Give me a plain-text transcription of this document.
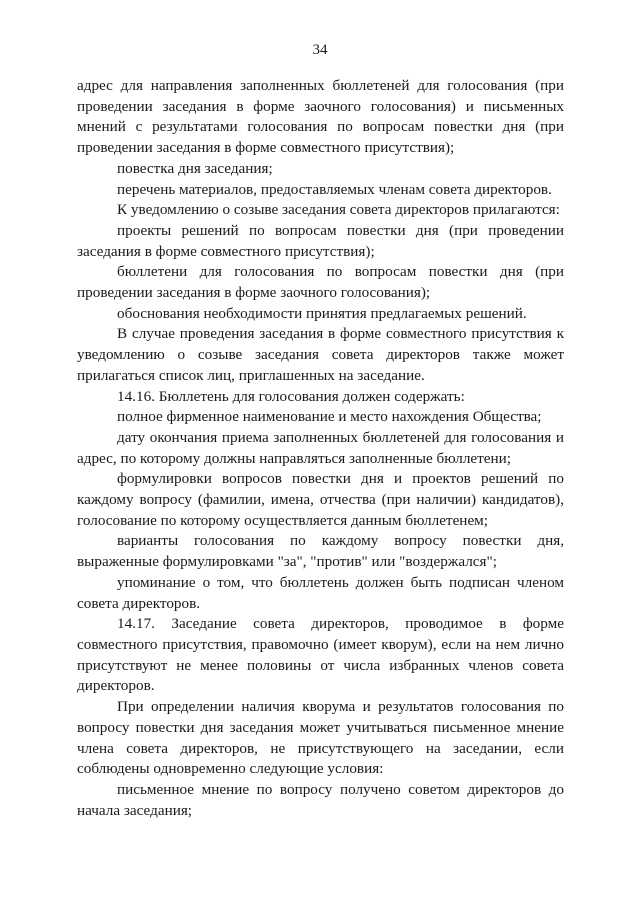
34

адрес для направления заполненных бюллетеней для голосования (при проведении заседания в форме заочного голосования) и письменных мнений с результатами голосования по вопросам повестки дня (при проведении заседания в форме совместного присутствия);

повестка дня заседания;

перечень материалов, предоставляемых членам совета директоров.

К уведомлению о созыве заседания совета директоров прилагаются:

проекты решений по вопросам повестки дня (при проведении заседания в форме совместного присутствия);

бюллетени для голосования по вопросам повестки дня (при проведении заседания в форме заочного голосования);

обоснования необходимости принятия предлагаемых решений.

В случае проведения заседания в форме совместного присутствия к уведомлению о созыве заседания совета директоров также может прилагаться список лиц, приглашенных на заседание.

14.16. Бюллетень для голосования должен содержать:

полное фирменное наименование и место нахождения Общества;

дату окончания приема заполненных бюллетеней для голосования и адрес, по которому должны направляться заполненные бюллетени;

формулировки вопросов повестки дня и проектов решений по каждому вопросу (фамилии, имена, отчества (при наличии) кандидатов), голосование по которому осуществляется данным бюллетенем;

варианты голосования по каждому вопросу повестки дня, выраженные формулировками "за", "против" или "воздержался";

упоминание о том, что бюллетень должен быть подписан членом совета директоров.

14.17. Заседание совета директоров, проводимое в форме совместного присутствия, правомочно (имеет кворум), если на нем лично присутствуют не менее половины от числа избранных членов совета директоров.

При определении наличия кворума и результатов голосования по вопросу повестки дня заседания может учитываться письменное мнение члена совета директоров, не присутствующего на заседании, если соблюдены одновременно следующие условия:

письменное мнение по вопросу получено советом директоров до начала заседания;
